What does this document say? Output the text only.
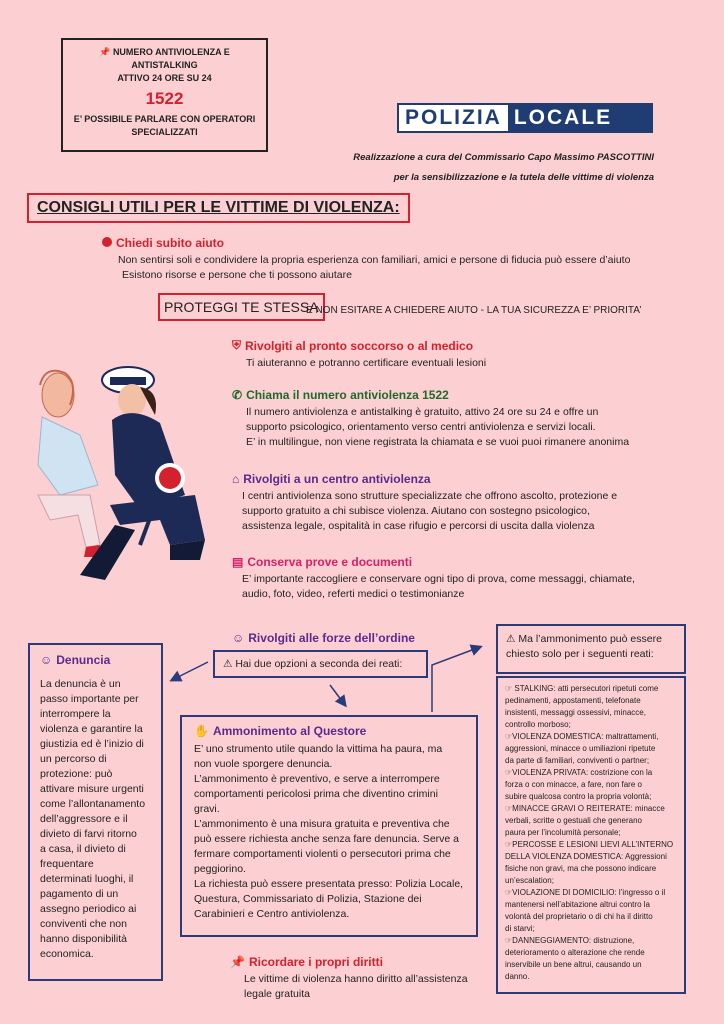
📌 NUMERO ANTIVIOLENZA E
ANTISTALKING
ATTIVO 24 ORE SU 24
1522
E’ POSSIBILE PARLARE CON OPERATORI
SPECIALIZZATI
POLIZIA LOCALE
Realizzazione a cura del Commissario Capo Massimo PASCOTTINI
per la sensibilizzazione e la tutela delle vittime di violenza
CONSIGLI UTILI PER LE VITTIME DI VIOLENZA:
Chiedi subito aiuto
Non sentirsi soli e condividere la propria esperienza con familiari, amici e persone di fiducia può essere d’aiuto
Esistono risorse e persone che ti possono aiutare
PROTEGGI TE STESSA
E NON ESITARE A CHIEDERE AIUTO - LA TUA SICUREZZA E’ PRIORITA’
⛨ Rivolgiti al pronto soccorso o al medico
Ti aiuteranno e potranno certificare eventuali lesioni
✆ Chiama il numero antiviolenza 1522
Il numero antiviolenza e antistalking è gratuito, attivo 24 ore su 24 e offre un
supporto psicologico, orientamento verso centri antiviolenza e servizi locali.
E’ in multilingue, non viene registrata la chiamata e se vuoi puoi rimanere anonima
⌂ Rivolgiti a un centro antiviolenza
I centri antiviolenza sono strutture specializzate che offrono ascolto, protezione e
supporto gratuito a chi subisce violenza. Aiutano con sostegno psicologico,
assistenza legale, ospitalità in case rifugio e percorsi di uscita dalla violenza
▤ Conserva prove e documenti
E’ importante raccogliere e conservare ogni tipo di prova, come messaggi, chiamate,
audio, foto, video, referti medici o testimonianze
☺ Rivolgiti alle forze dell’ordine
⚠ Hai due opzioni a seconda dei reati:
☺ Denuncia
La denuncia è un
passo importante per
interrompere la
violenza e garantire la
giustizia ed è l’inizio di
un percorso di
protezione: può
attivare misure urgenti
come l’allontanamento
dell’aggressore e il
divieto di farvi ritorno
a casa, il divieto di
frequentare
determinati luoghi, il
pagamento di un
assegno periodico ai
conviventi che non
hanno disponibilità
economica.
✋ Ammonimento al Questore
E’ uno strumento utile quando la vittima ha paura, ma
non vuole sporgere denuncia.
L’ammonimento è preventivo, e serve a interrompere
comportamenti pericolosi prima che diventino crimini
gravi.
L’ammonimento è una misura gratuita e preventiva che
può essere richiesta anche senza fare denuncia. Serve a
fermare comportamenti violenti o persecutori prima che
peggiorino.
La richiesta può essere presentata presso: Polizia Locale,
Questura, Commissariato di Polizia, Stazione dei
Carabinieri e Centro antiviolenza.
⚠ Ma l’ammonimento può essere
chiesto solo per i seguenti reati:
☞ STALKING: atti persecutori ripetuti come
pedinamenti, appostamenti, telefonate
insistenti, messaggi ossessivi, minacce,
controllo morboso;
☞VIOLENZA DOMESTICA: maltrattamenti,
aggressioni, minacce o umiliazioni ripetute
da parte di familiari, conviventi o partner;
☞VIOLENZA PRIVATA: costrizione con la
forza o con minacce, a fare, non fare o
subire qualcosa contro la propria volontà;
☞MINACCE GRAVI O REITERATE: minacce
verbali, scritte o gestuali che generano
paura per l’incolumità personale;
☞PERCOSSE E LESIONI LIEVI ALL’INTERNO
DELLA VIOLENZA DOMESTICA: Aggressioni
fisiche non gravi, ma che possono indicare
un’escalation;
☞VIOLAZIONE DI DOMICILIO: l’ingresso o il
mantenersi nell’abitazione altrui contro la
volontà del proprietario o di chi ha il diritto
di starvi;
☞DANNEGGIAMENTO: distruzione,
deterioramento o alterazione che rende
inservibile un bene altrui, causando un
danno.
📌 Ricordare i propri diritti
Le vittime di violenza hanno diritto all’assistenza
legale gratuita
